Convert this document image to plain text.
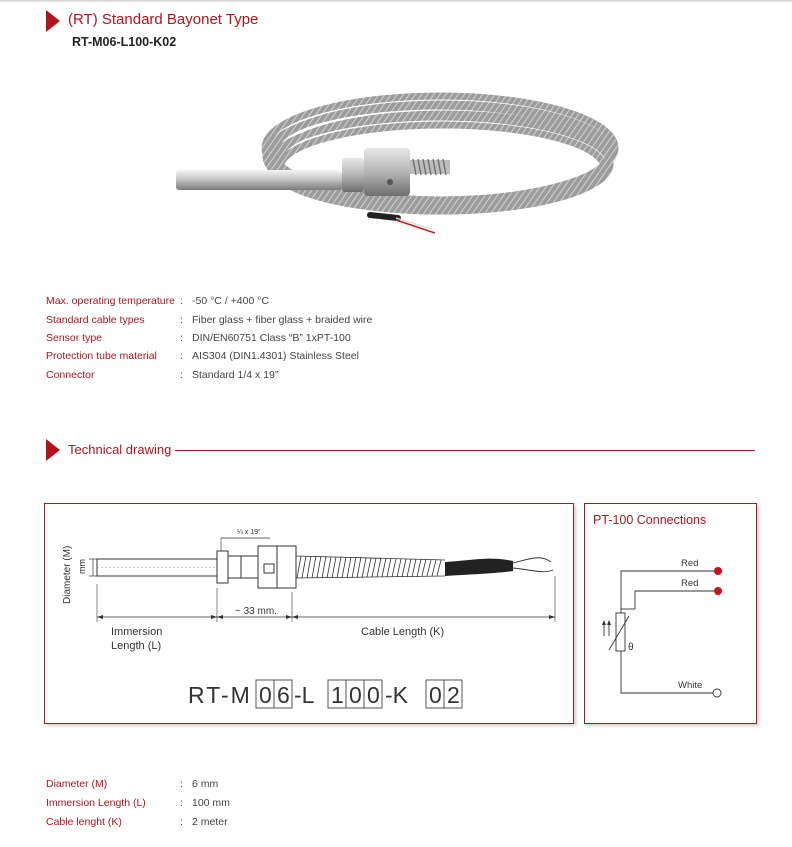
(RT) Standard Bayonet Type
RT-M06-L100-K02
Max. operating temperature : -50 °C / +400 °C
Standard cable types	: Fiber glass + fiber glass + braided wire
Sensor type	: DIN/EN60751 Class “B” 1xPT-100
Protection tube material : AIS304 (DIN1.4301) Stainless Steel
Connector	: Standard 1/4 x 19”
Technical drawing
¼ x 19”
Diameter (M) mm
~ 33 mm.
Immersion
Length (L)
Cable Length (K)
RT-M 0 6 -L 1 0 0 -K 0 2
PT-100 Connections
Red
Red
White
θ
Diameter (M)	: 6 mm
Immersion Length (L)	: 100 mm
Cable lenght (K)	: 2 meter
